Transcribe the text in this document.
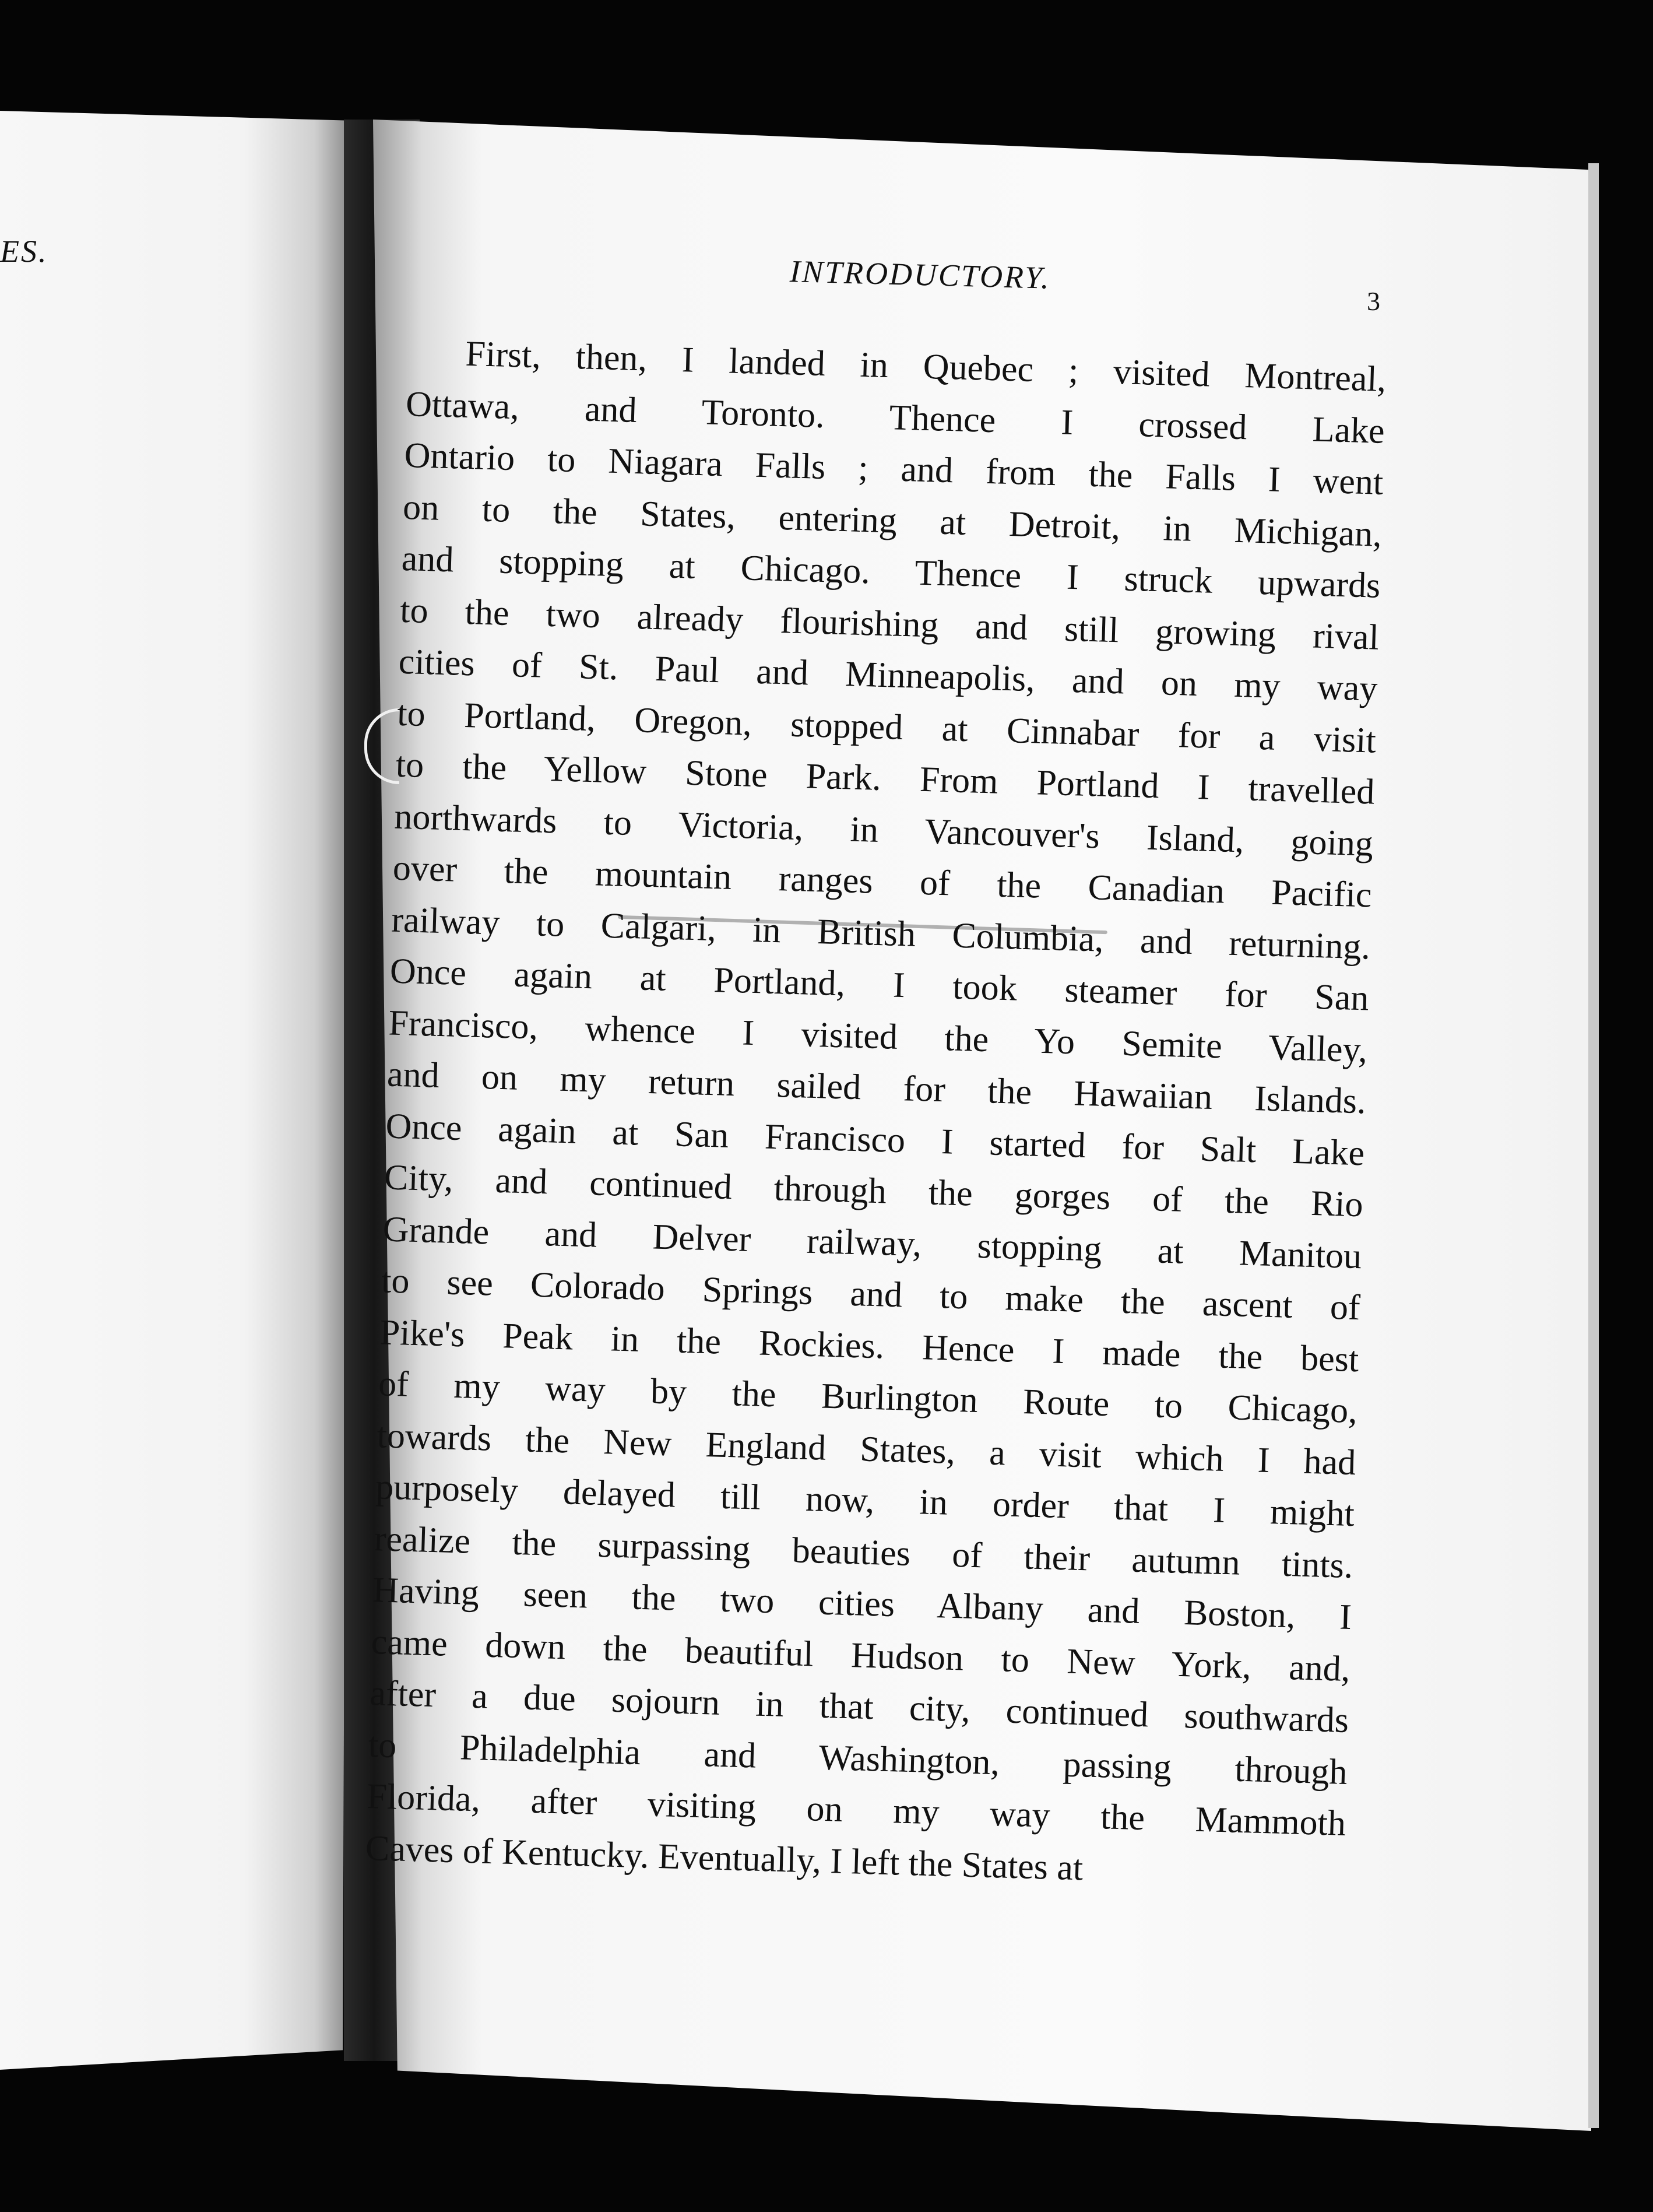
ES.
INTRODUCTORY.
3
First, then, I landed in Quebec ; visited Montreal,
Ottawa, and Toronto. Thence I crossed Lake
Ontario to Niagara Falls ; and from the Falls I went
on to the States, entering at Detroit, in Michigan,
and stopping at Chicago. Thence I struck upwards
to the two already flourishing and still growing rival
cities of St. Paul and Minneapolis, and on my way
to Portland, Oregon, stopped at Cinnabar for a visit
to the Yellow Stone Park. From Portland I travelled
northwards to Victoria, in Vancouver's Island, going
over the mountain ranges of the Canadian Pacific
railway to Calgari, in British Columbia, and returning.
Once again at Portland, I took steamer for San
Francisco, whence I visited the Yo Semite Valley,
and on my return sailed for the Hawaiian Islands.
Once again at San Francisco I started for Salt Lake
City, and continued through the gorges of the Rio
Grande and Delver railway, stopping at Manitou
to see Colorado Springs and to make the ascent of
Pike's Peak in the Rockies. Hence I made the best
of my way by the Burlington Route to Chicago,
towards the New England States, a visit which I had
purposely delayed till now, in order that I might
realize the surpassing beauties of their autumn tints.
Having seen the two cities Albany and Boston, I
came down the beautiful Hudson to New York, and,
after a due sojourn in that city, continued southwards
to Philadelphia and Washington, passing through
Florida, after visiting on my way the Mammoth
Caves of Kentucky. Eventually, I left the States at
